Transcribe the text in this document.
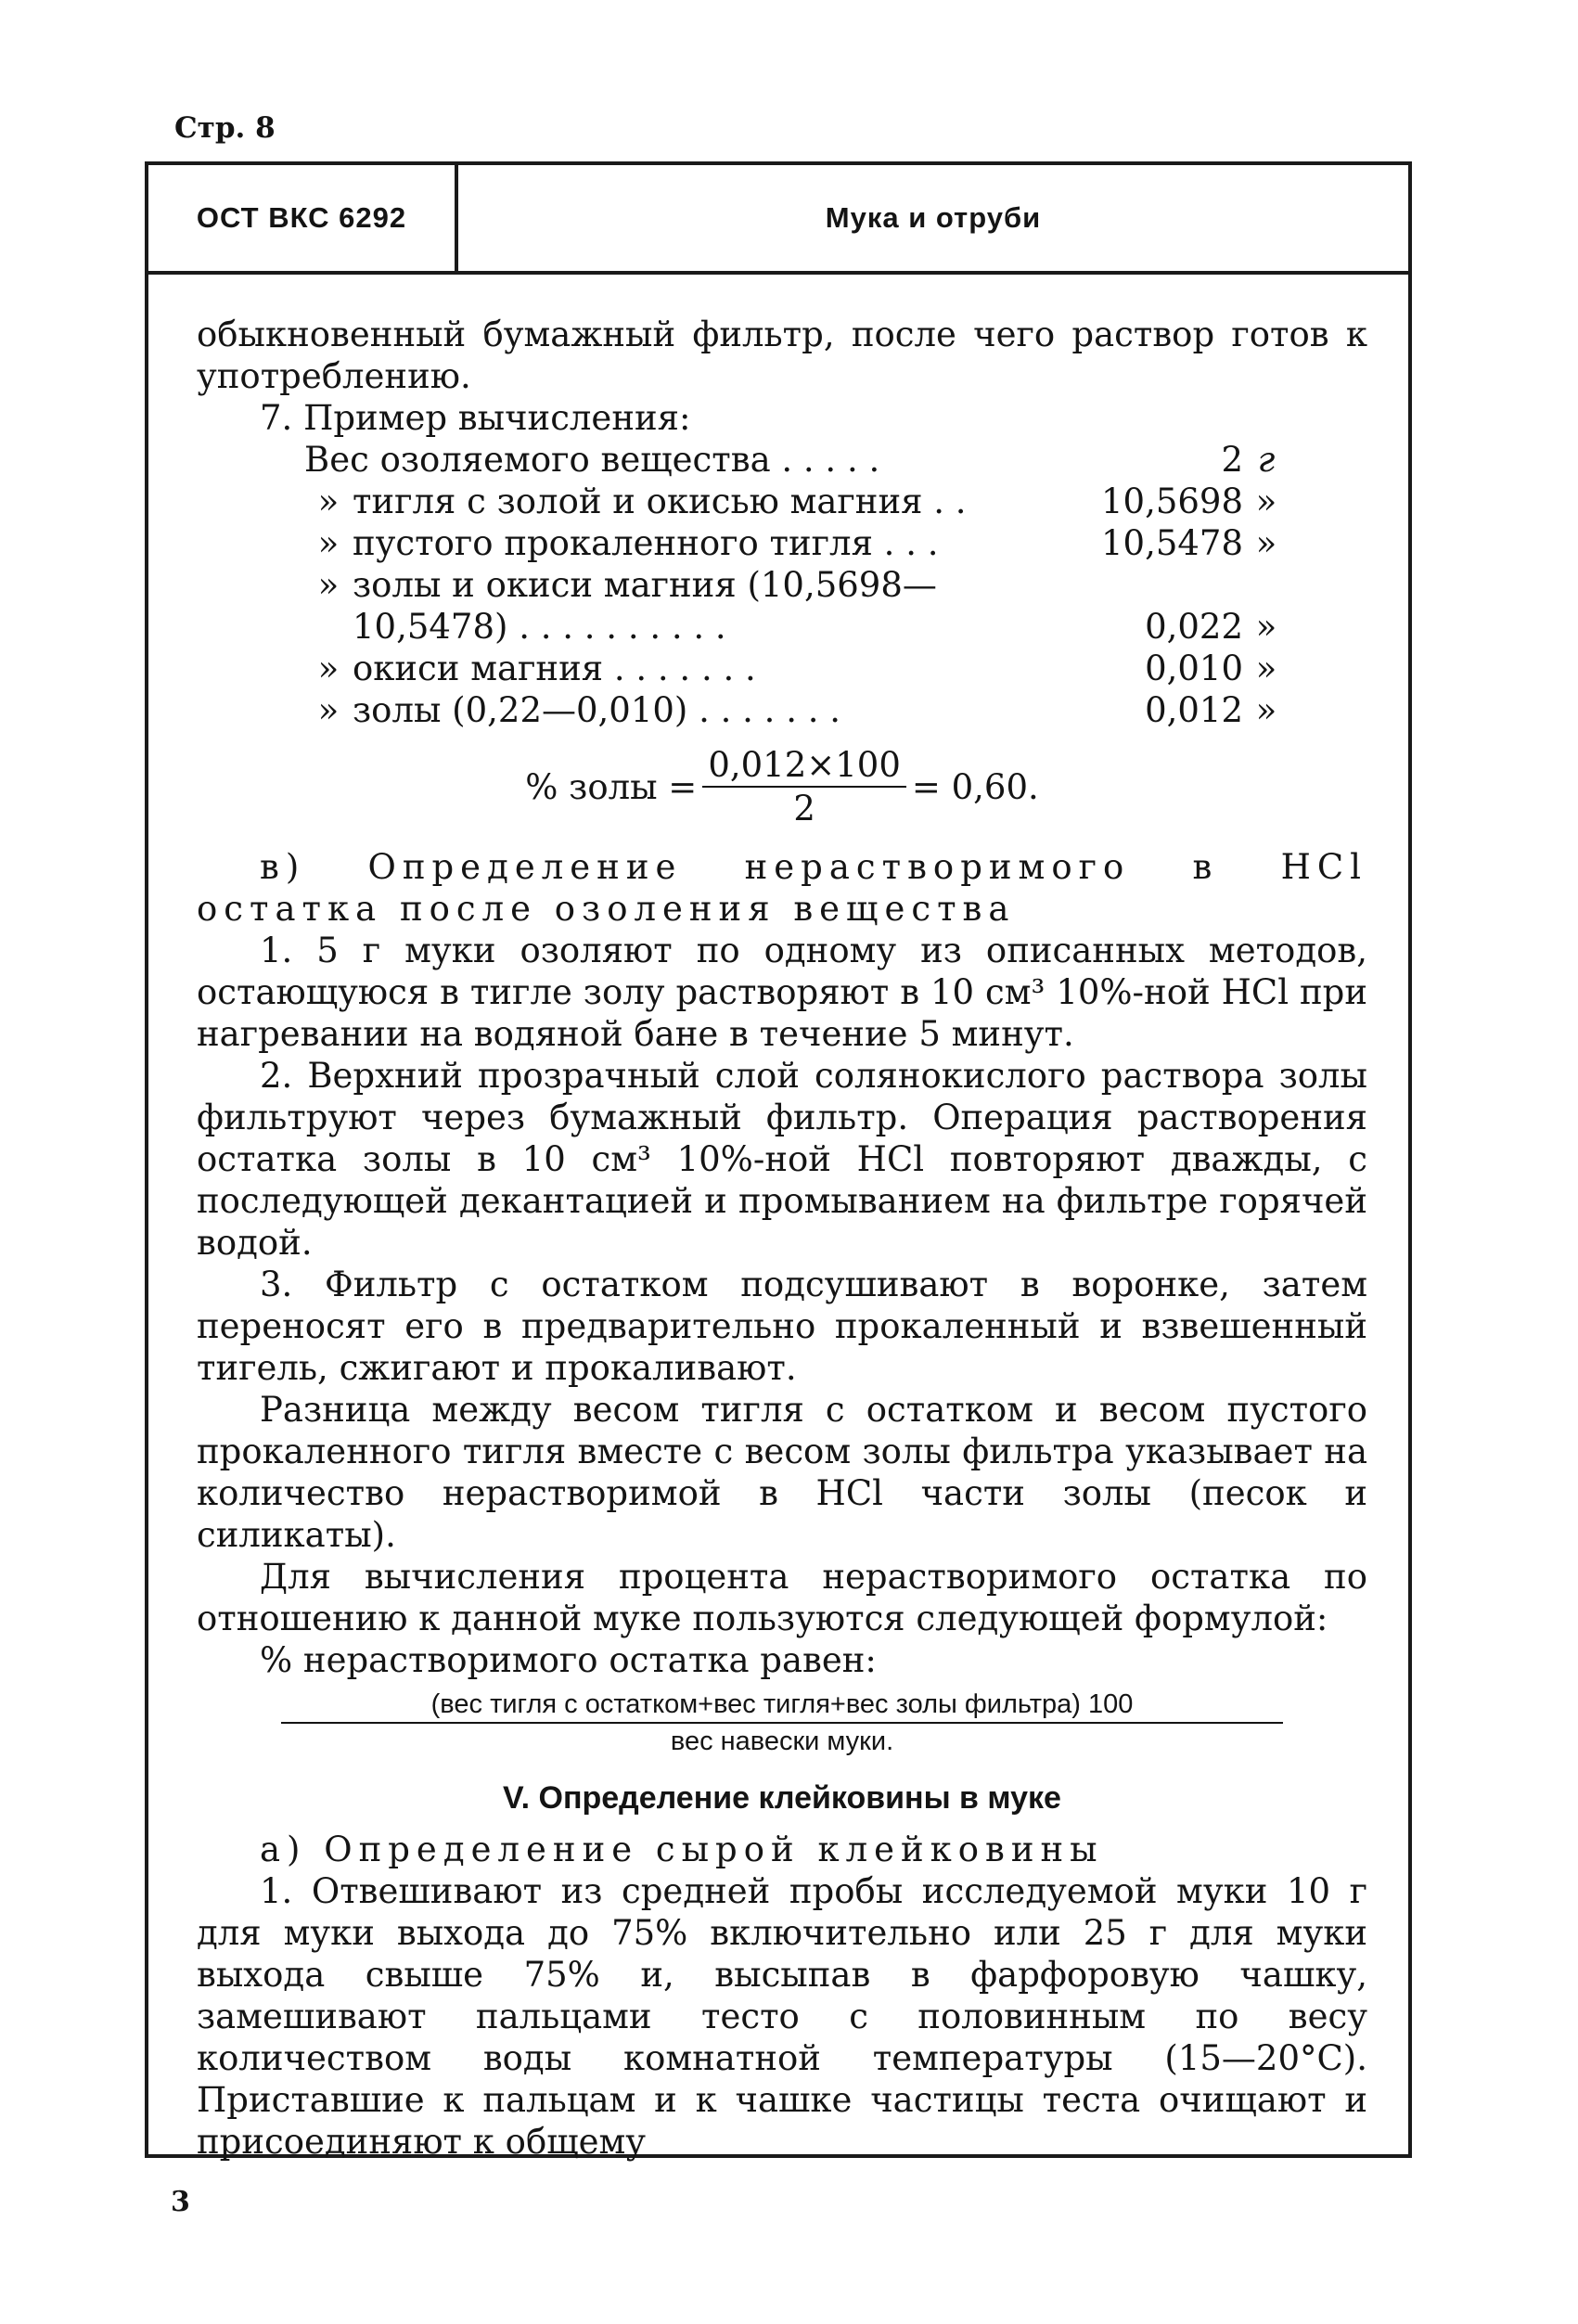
Стр. 8
ОСТ ВКС 6292	Мука и отруби

обыкновенный бумажный фильтр, после чего раствор готов к употреблению.

7. Пример вычисления:

Вес озоляемого вещества . . . . .	2 г
» тигля с золой и окисью магния . .	10,5698 »
» пустого прокаленного тигля . . .	10,5478 »
» золы и окиси магния (10,5698—
10,5478) . . . . . . . . . .	0,022 »
» окиси магния . . . . . . .	0,010 »
» золы (0,22—0,010) . . . . . . .	0,012 »
% золы = $\frac{0,012\times 100}{2} = 0,60$.

в) Определение нерастворимого в HCl остатка после озоления вещества

1. 5 г муки озоляют по одному из описанных методов, остающуюся в тигле золу растворяют в 10 см³ 10%-ной HCl при нагревании на водяной бане в течение 5 минут.

2. Верхний прозрачный слой солянокислого раствора золы фильтруют через бумажный фильтр. Операция растворения остатка золы в 10 см³ 10%-ной HCl повторяют дважды, с последующей декантацией и промыванием на фильтре горячей водой.

3. Фильтр с остатком подсушивают в воронке, затем переносят его в предварительно прокаленный и взвешенный тигель, сжигают и прокаливают.

Разница между весом тигля с остатком и весом пустого прокаленного тигля вместе с весом золы фильтра указывает на количество нерастворимой в HCl части золы (песок и силикаты).

Для вычисления процента нерастворимого остатка по отношению к данной муке пользуются следующей формулой:

% нерастворимого остатка равен:

(вес тигля с остатком+вес тигля+вес золы фильтра) 100
вес навески муки.
V. Определение клейковины в муке

а) Определение сырой клейковины

1. Отвешивают из средней пробы исследуемой муки 10 г для муки выхода до 75% включительно или 25 г для муки выхода свыше 75% и, высыпав в фарфоровую чашку, замешивают пальцами тесто с половинным по весу количеством воды комнатной температуры (15—20°С). Приставшие к пальцам и к чашке частицы теста очищают и присоединяют к общему

3
